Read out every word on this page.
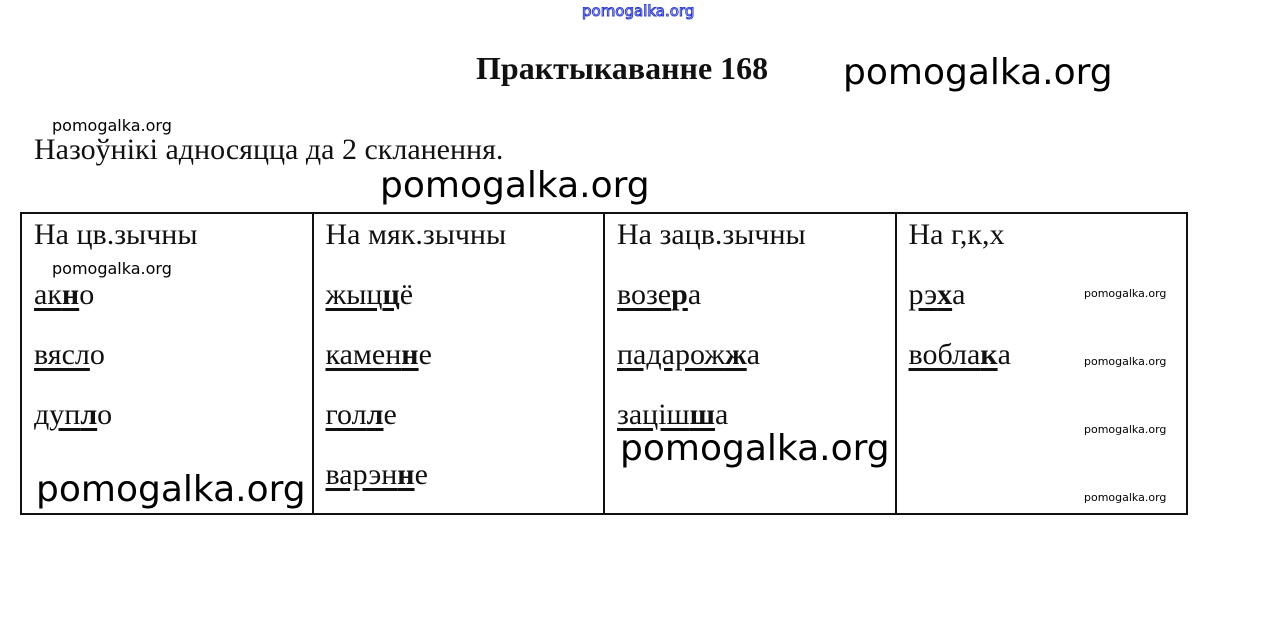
pomogalka.org
Практыкаванне 168 pomogalka.org
pomogalka.org
Назоўнікі адносяцца да 2 скланення.
pomogalka.org
На цв.зычны
акно
вясло
дупло
На мяк.зычны
жыццё
каменне
голле
варэнне
На зацв.зычны
возера
падарожжа
зацiшша
На г,к,х
рэха
воблака
pomogalka.org
pomogalka.org
pomogalka.org
pomogalka.org
pomogalka.org
pomogalka.org
pomogalka.org
